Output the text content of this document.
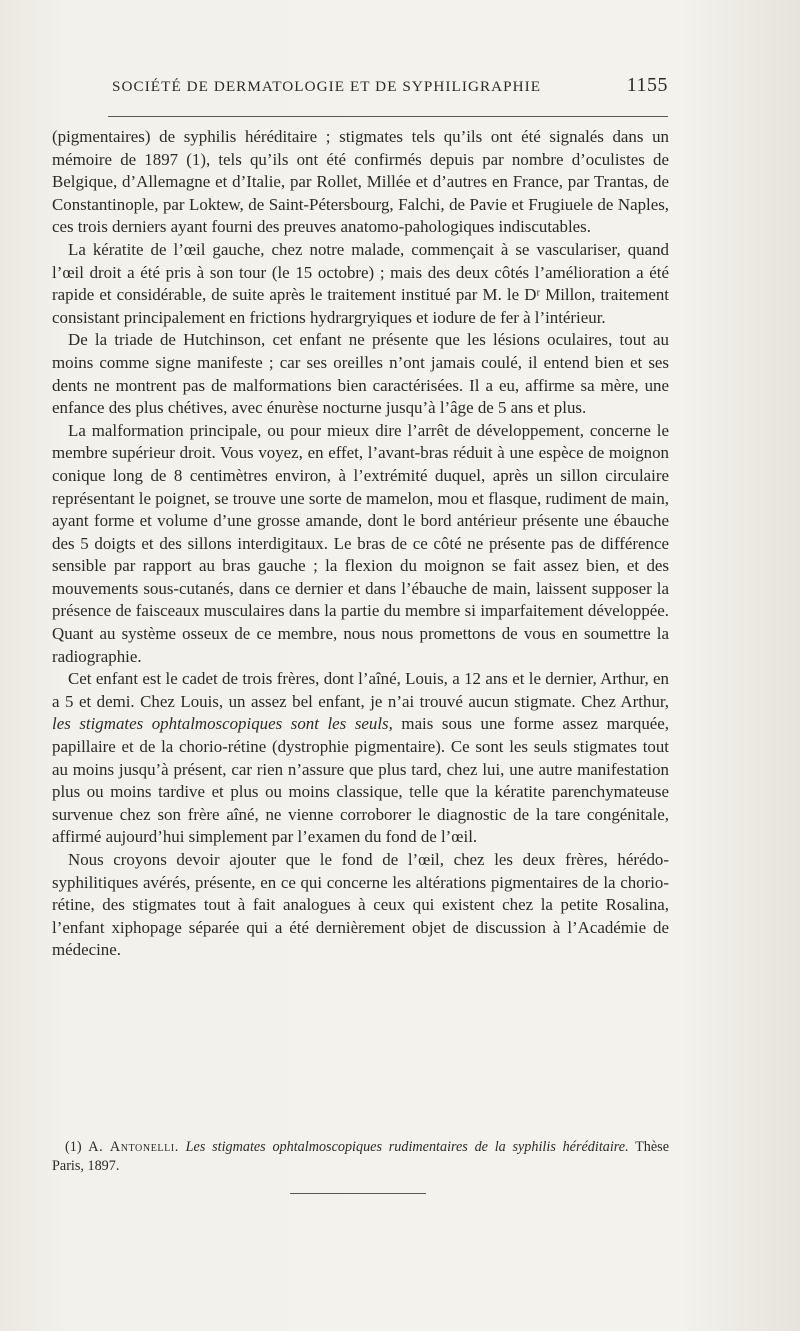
SOCIÉTÉ DE DERMATOLOGIE ET DE SYPHILIGRAPHIE	1155

(pigmentaires) de syphilis héréditaire ; stigmates tels qu’ils ont été signalés dans un mémoire de 1897 (1), tels qu’ils ont été confirmés depuis par nombre d’oculistes de Belgique, d’Allemagne et d’Italie, par Rollet, Millée et d’autres en France, par Trantas, de Constantinople, par Loktew, de Saint-Pétersbourg, Falchi, de Pavie et Frugiuele de Naples, ces trois derniers ayant fourni des preuves anatomo-pahologiques indiscutables.

La kératite de l’œil gauche, chez notre malade, commençait à se vasculariser, quand l’œil droit a été pris à son tour (le 15 octobre) ; mais des deux côtés l’amélioration a été rapide et considérable, de suite après le traitement institué par M. le Dʳ Millon, traitement consistant principalement en frictions hydrargryiques et iodure de fer à l’intérieur.

De la triade de Hutchinson, cet enfant ne présente que les lésions oculaires, tout au moins comme signe manifeste ; car ses oreilles n’ont jamais coulé, il entend bien et ses dents ne montrent pas de malformations bien caractérisées. Il a eu, affirme sa mère, une enfance des plus chétives, avec énurèse nocturne jusqu’à l’âge de 5 ans et plus.

La malformation principale, ou pour mieux dire l’arrêt de développement, concerne le membre supérieur droit. Vous voyez, en effet, l’avant-bras réduit à une espèce de moignon conique long de 8 centimètres environ, à l’extrémité duquel, après un sillon circulaire représentant le poignet, se trouve une sorte de mamelon, mou et flasque, rudiment de main, ayant forme et volume d’une grosse amande, dont le bord antérieur présente une ébauche des 5 doigts et des sillons interdigitaux. Le bras de ce côté ne présente pas de différence sensible par rapport au bras gauche ; la flexion du moignon se fait assez bien, et des mouvements sous-cutanés, dans ce dernier et dans l’ébauche de main, laissent supposer la présence de faisceaux musculaires dans la partie du membre si imparfaitement développée. Quant au système osseux de ce membre, nous nous promettons de vous en soumettre la radiographie.

Cet enfant est le cadet de trois frères, dont l’aîné, Louis, a 12 ans et le dernier, Arthur, en a 5 et demi. Chez Louis, un assez bel enfant, je n’ai trouvé aucun stigmate. Chez Arthur, les stigmates ophtalmoscopiques sont les seuls, mais sous une forme assez marquée, papillaire et de la chorio-rétine (dystrophie pigmentaire). Ce sont les seuls stigmates tout au moins jusqu’à présent, car rien n’assure que plus tard, chez lui, une autre manifestation plus ou moins tardive et plus ou moins classique, telle que la kératite parenchymateuse survenue chez son frère aîné, ne vienne corroborer le diagnostic de la tare congénitale, affirmé aujourd’hui simplement par l’examen du fond de l’œil.

Nous croyons devoir ajouter que le fond de l’œil, chez les deux frères, hérédo-syphilitiques avérés, présente, en ce qui concerne les altérations pigmentaires de la chorio-rétine, des stigmates tout à fait analogues à ceux qui existent chez la petite Rosalina, l’enfant xiphopage séparée qui a été dernièrement objet de discussion à l’Académie de médecine.

(1) A. Antonelli. Les stigmates ophtalmoscopiques rudimentaires de la syphilis héréditaire. Thèse Paris, 1897.
